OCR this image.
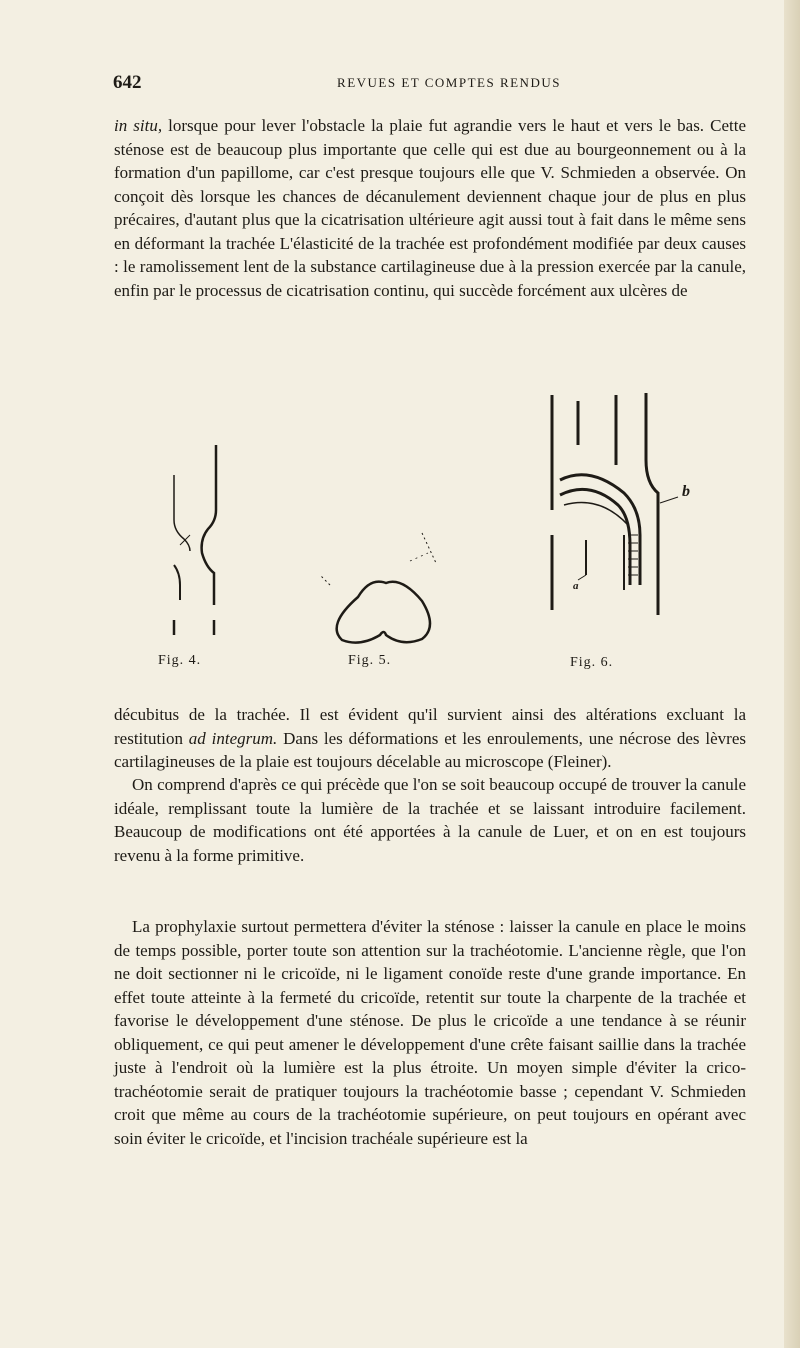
642	REVUES ET COMPTES RENDUS

in situ, lorsque pour lever l'obstacle la plaie fut agrandie vers le haut et vers le bas. Cette sténose est de beaucoup plus importante que celle qui est due au bourgeonnement ou à la formation d'un papillome, car c'est presque toujours elle que V. Schmieden a observée. On conçoit dès lorsque les chances de décanulement deviennent chaque jour de plus en plus précaires, d'autant plus que la cicatrisation ultérieure agit aussi tout à fait dans le même sens en déformant la trachée L'élasticité de la trachée est profondément modifiée par deux causes : le ramolissement lent de la substance cartilagineuse due à la pression exercée par la canule, enfin par le processus de cicatrisation continu, qui succède forcément aux ulcères de

Fig. 4.	Fig. 5.
b
a
Fig. 6.

décubitus de la trachée. Il est évident qu'il survient ainsi des altérations excluant la restitution ad integrum. Dans les déformations et les enroulements, une nécrose des lèvres cartilagineuses de la plaie est toujours décelable au microscope (Fleiner).

On comprend d'après ce qui précède que l'on se soit beaucoup occupé de trouver la canule idéale, remplissant toute la lumière de la trachée et se laissant introduire facilement. Beaucoup de modifications ont été apportées à la canule de Luer, et on en est toujours revenu à la forme primitive.

La prophylaxie surtout permettera d'éviter la sténose : laisser la canule en place le moins de temps possible, porter toute son attention sur la trachéotomie. L'ancienne règle, que l'on ne doit sectionner ni le cricoïde, ni le ligament conoïde reste d'une grande importance. En effet toute atteinte à la fermeté du cricoïde, retentit sur toute la charpente de la trachée et favorise le développement d'une sténose. De plus le cricoïde a une tendance à se réunir obliquement, ce qui peut amener le développement d'une crête faisant saillie dans la trachée juste à l'endroit où la lumière est la plus étroite. Un moyen simple d'éviter la crico-trachéotomie serait de pratiquer toujours la trachéotomie basse ; cependant V. Schmieden croit que même au cours de la trachéotomie supérieure, on peut toujours en opérant avec soin éviter le cricoïde, et l'incision trachéale supérieure est la
